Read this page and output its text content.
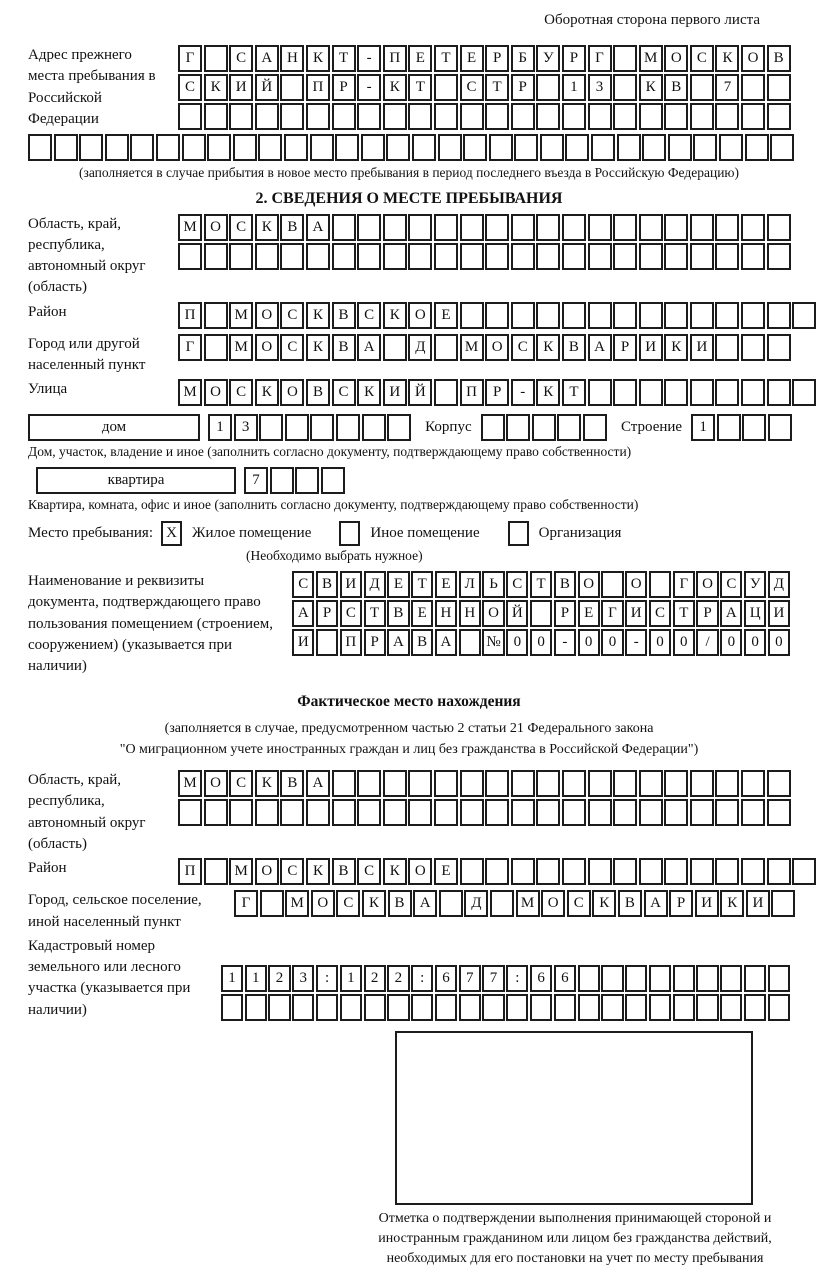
Оборотная сторона первого листа
Адрес прежнего места пребывания в Российской Федерации
Г	С	А Н	К	Т	-	П	Е	Т	Е	Р	Б	У	Р	Г	М О	С	К	О	В
С	К	И Й	П	Р	-	К	Т	С	Т	Р	1	3	К	В	7
(заполняется в случае прибытия в новое место пребывания в период последнего въезда в Российскую Федерацию)
2. СВЕДЕНИЯ О МЕСТЕ ПРЕБЫВАНИЯ
Область, край, республика, автономный округ (область)
М О	С	К	В	А
Район	П	М О	С	К	В	С	К	О	Е
Город или другой населенный пункт
Г	М О	С	К	В	А	Д	М О	С	К	В	А	Р	И	К	И
Улица	М О	С	К	О	В	С	К	И Й	П	Р	-	К	Т
дом	1	3	Корпус	Строение	1
Дом, участок, владение и иное (заполнить согласно документу, подтверждающему право собственности)
квартира	7
Квартира, комната, офис и иное (заполнить согласно документу, подтверждающему право собственности)
Место пребывания: X	Жилое помещение	Иное помещение	Организация
(Необходимо выбрать нужное)
Наименование и реквизиты документа, подтверждающего право пользования помещением (строением, сооружением) (указывается при наличии)
С В И Д Е Т Е Л Ь С Т В О	О	Г О С У Д
А Р С Т В Е Н Н О Й	Р	Е Г И С Т	Р А Ц И
И	П Р А В А	№ 0	0	-	0	0	-	0	0	/	0	0	0
Фактическое место нахождения
(заполняется в случае, предусмотренном частью 2 статьи 21 Федерального закона
"О миграционном учете иностранных граждан и лиц без гражданства в Российской Федерации")
Область, край, республика, автономный округ (область)
М О	С	К	В	А
Район	П	М О	С	К	В	С	К	О	Е
Город, сельское поселение, иной населенный пункт
Г	М О	С	К	В	А	Д	М О	С	К	В	А	Р	И	К	И
Кадастровый номер земельного или лесного участка (указывается при наличии)
1	1	2	3	:	1	2	2	:	6	7	7	:	6	6
Отметка о подтверждении выполнения принимающей стороной и иностранным гражданином или лицом без гражданства действий, необходимых для его постановки на учет по месту пребывания
